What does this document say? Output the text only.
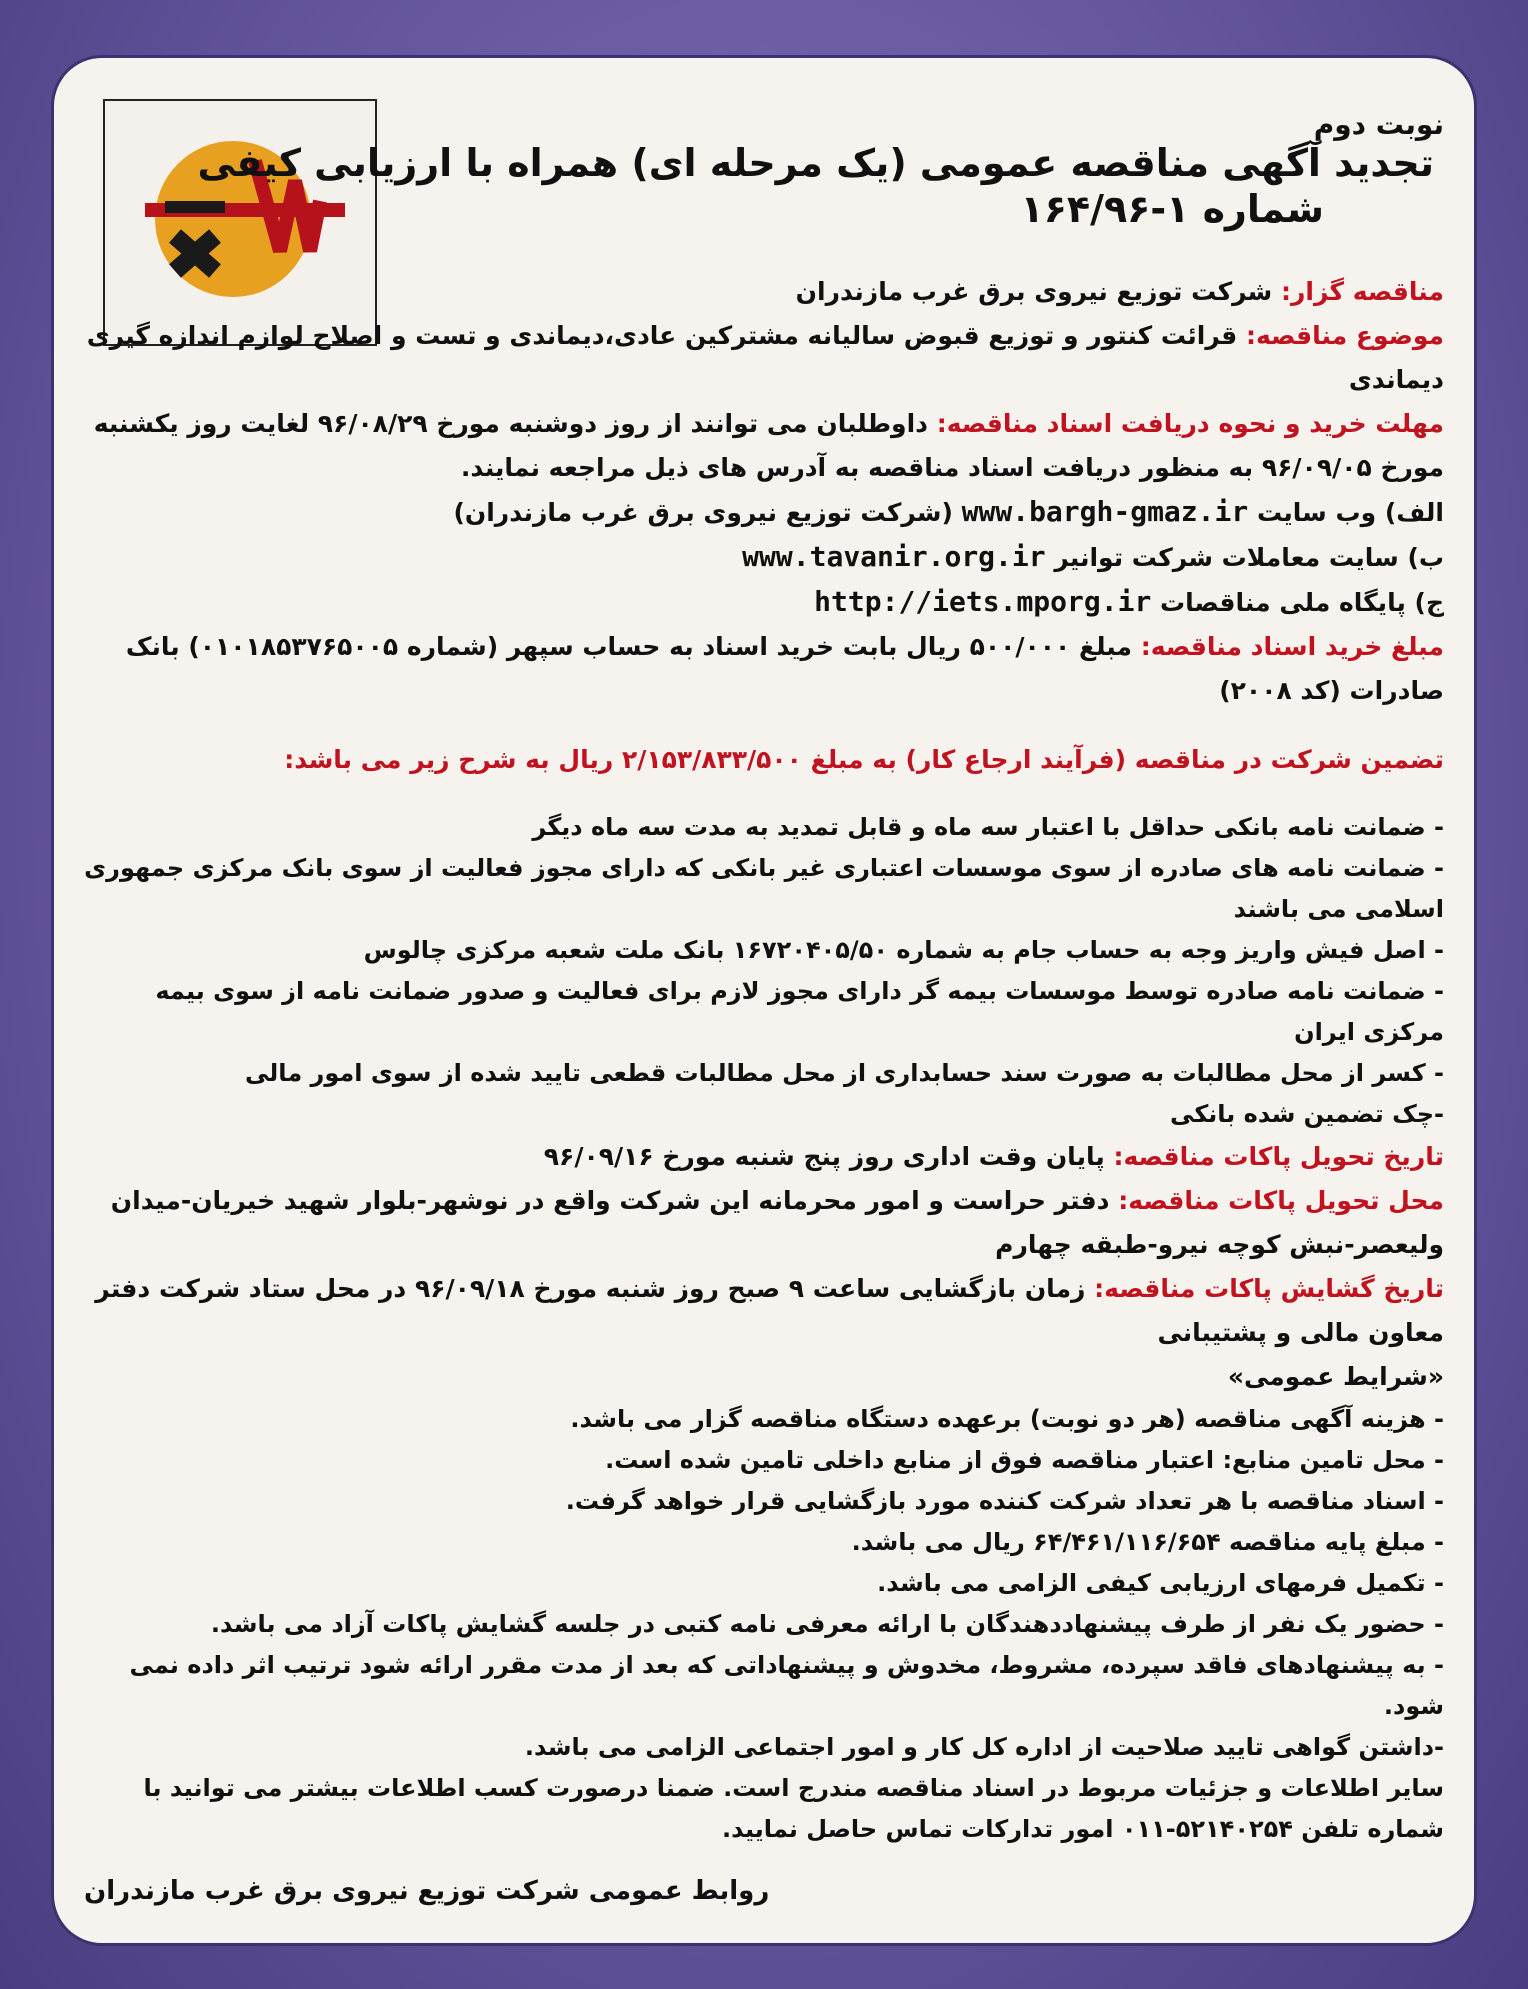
نوبت دوم

تجدید آگهی مناقصه عمومی (یک مرحله ای) همراه با ارزیابی کیفی

شماره ۱-۱۶۴/۹۶

مناقصه گزار: شرکت توزیع نیروی برق غرب مازندران

موضوع مناقصه: قرائت کنتور و توزیع قبوض سالیانه مشترکین عادی،دیماندی و تست و اصلاح لوازم اندازه گیری دیماندی

مهلت خرید و نحوه دریافت اسناد مناقصه: داوطلبان می توانند از روز دوشنبه مورخ ۹۶/۰۸/۲۹ لغایت روز یکشنبه مورخ ۹۶/۰۹/۰۵ به منظور دریافت اسناد مناقصه به آدرس های ذیل مراجعه نمایند.

الف) وب سایت www.bargh-gmaz.ir (شرکت توزیع نیروی برق غرب مازندران)

ب) سایت معاملات شرکت توانیر www.tavanir.org.ir

ج) پایگاه ملی مناقصات http://iets.mporg.ir

مبلغ خرید اسناد مناقصه: مبلغ ۵۰۰/۰۰۰ ریال بابت خرید اسناد به حساب سپهر (شماره ۰۱۰۱۸۵۳۷۶۵۰۰۵) بانک صادرات (کد ۲۰۰۸)

تضمین شرکت در مناقصه (فرآیند ارجاع کار) به مبلغ ۲/۱۵۳/۸۳۳/۵۰۰ ریال به شرح زیر می باشد:

- ضمانت نامه بانکی حداقل با اعتبار سه ماه و قابل تمدید به مدت سه ماه دیگر

- ضمانت نامه های صادره از سوی موسسات اعتباری غیر بانکی که دارای مجوز فعالیت از سوی بانک مرکزی جمهوری اسلامی می باشند

- اصل فیش واریز وجه به حساب جام به شماره ۱۶۷۲۰۴۰۵/۵۰ بانک ملت شعبه مرکزی چالوس

- ضمانت نامه صادره توسط موسسات بیمه گر دارای مجوز لازم برای فعالیت و صدور ضمانت نامه از سوی بیمه مرکزی ایران

- کسر از محل مطالبات به صورت سند حسابداری از محل مطالبات قطعی تایید شده از سوی امور مالی

-چک تضمین شده بانکی

تاریخ تحویل پاکات مناقصه: پایان وقت اداری روز پنج شنبه مورخ ۹۶/۰۹/۱۶

محل تحویل پاکات مناقصه: دفتر حراست و امور محرمانه این شرکت واقع در نوشهر-بلوار شهید خیریان-میدان ولیعصر-نبش کوچه نیرو-طبقه چهارم

تاریخ گشایش پاکات مناقصه: زمان بازگشایی ساعت ۹ صبح روز شنبه مورخ ۹۶/۰۹/۱۸ در محل ستاد شرکت دفتر معاون مالی و پشتیبانی

«شرایط عمومی»

- هزینه آگهی مناقصه (هر دو نوبت) برعهده دستگاه مناقصه گزار می باشد.

- محل تامین منابع: اعتبار مناقصه فوق از منابع داخلی تامین شده است.

- اسناد مناقصه با هر تعداد شرکت کننده مورد بازگشایی قرار خواهد گرفت.

- مبلغ پایه مناقصه ۶۴/۴۶۱/۱۱۶/۶۵۴ ریال می باشد.

- تکمیل فرمهای ارزیابی کیفی الزامی می باشد.

- حضور یک نفر از طرف پیشنهاددهندگان با ارائه معرفی نامه کتبی در جلسه گشایش پاکات آزاد می باشد.

- به پیشنهادهای فاقد سپرده، مشروط، مخدوش و پیشنهاداتی که بعد از مدت مقرر ارائه شود ترتیب اثر داده نمی شود.

-داشتن گواهی تایید صلاحیت از اداره کل کار و امور اجتماعی الزامی می باشد.

سایر اطلاعات و جزئیات مربوط در اسناد مناقصه مندرج است. ضمنا درصورت کسب اطلاعات بیشتر می توانید با شماره تلفن ۵۲۱۴۰۲۵۴-۰۱۱ امور تدارکات تماس حاصل نمایید.

روابط عمومی شرکت توزیع نیروی برق غرب مازندران
